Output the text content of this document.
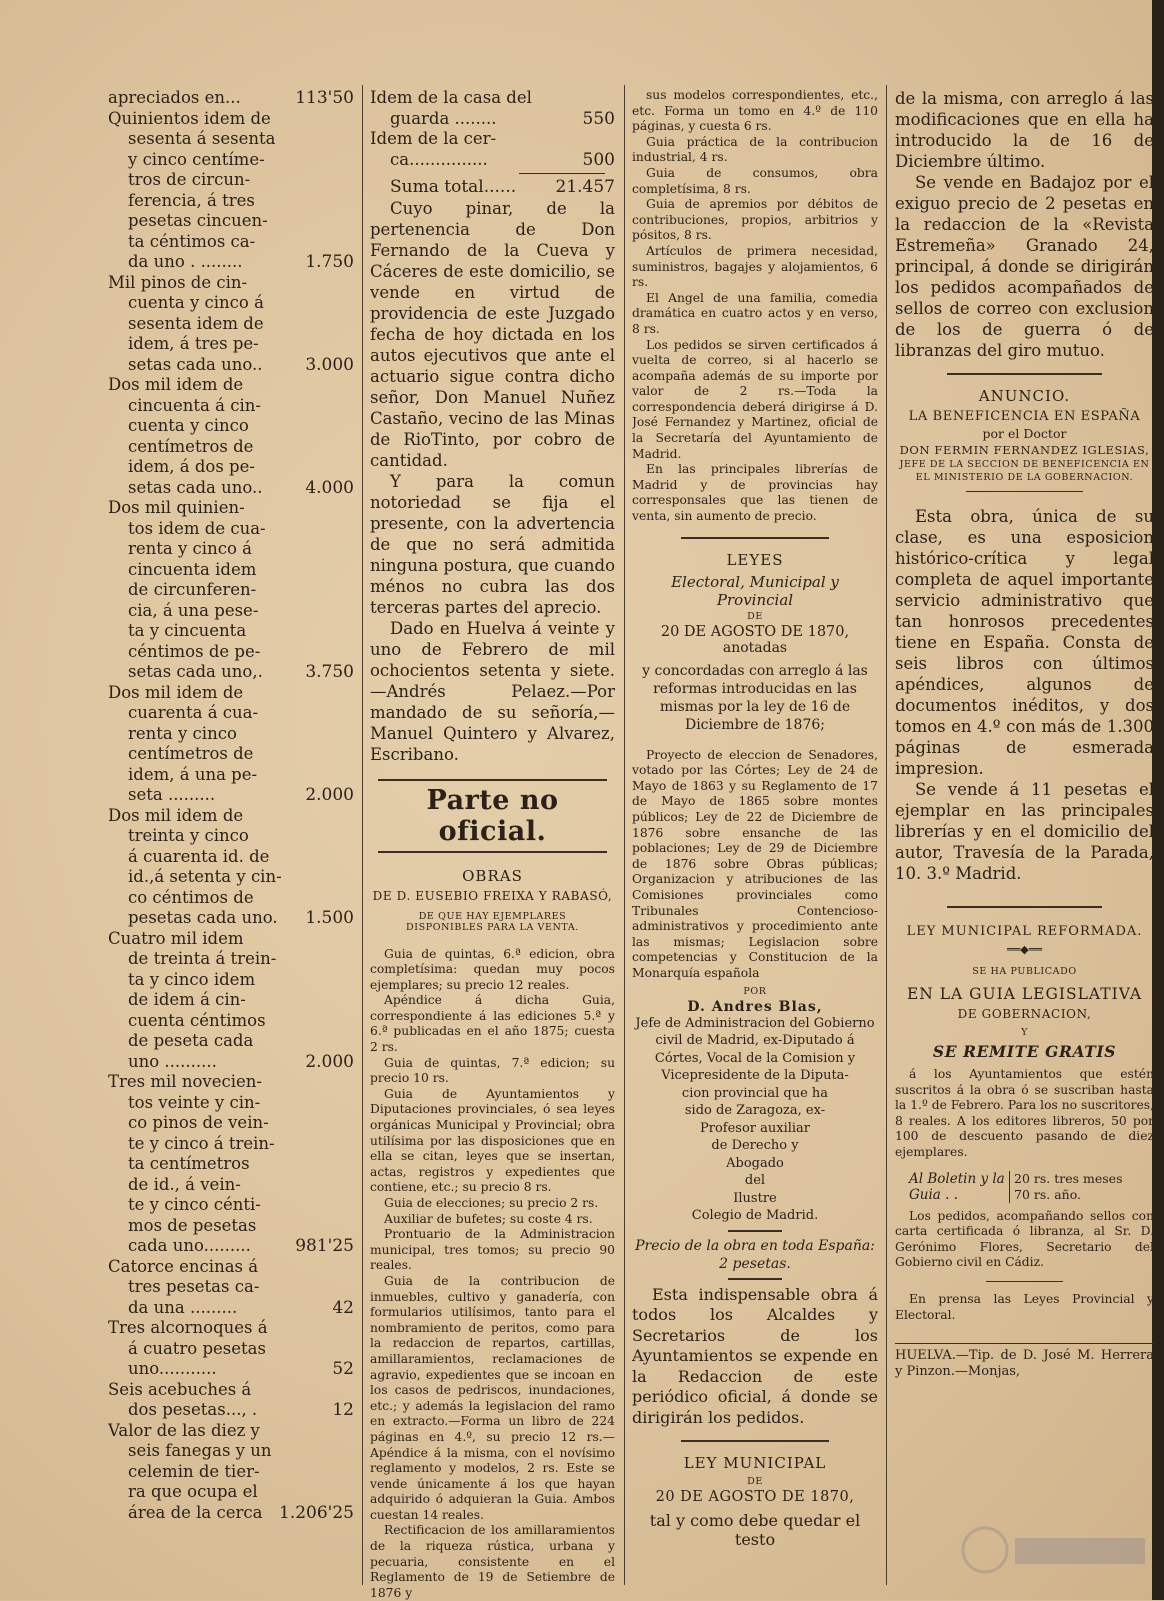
apreciados en...	113'50
Quinientos idem de
sesenta á sesenta
y cinco centíme-
tros de circun-
ferencia, á tres
pesetas cincuen-
ta céntimos ca-
da uno . ........	1.750
Mil pinos de cin-
cuenta y cinco á
sesenta idem de
idem, á tres pe-
setas cada uno..	3.000
Dos mil idem de
cincuenta á cin-
cuenta y cinco
centímetros de
idem, á dos pe-
setas cada uno..	4.000
Dos mil quinien-
tos idem de cua-
renta y cinco á
cincuenta idem
de circunferen-
cia, á una pese-
ta y cincuenta
céntimos de pe-
setas cada uno,.	3.750
Dos mil idem de
cuarenta á cua-
renta y cinco
centímetros de
idem, á una pe-
seta .........	2.000
Dos mil idem de
treinta y cinco
á cuarenta id. de
id.,á setenta y cin-
co céntimos de
pesetas cada uno. 1.500
Cuatro mil idem
de treinta á trein-
ta y cinco idem
de idem á cin-
cuenta céntimos
de peseta cada
uno ..........	2.000
Tres mil novecien-
tos veinte y cin-
co pinos de vein-
te y cinco á trein-
ta centímetros
de id., á vein-
te y cinco cénti-
mos de pesetas
cada uno.........	981'25
Catorce encinas á
tres pesetas ca-
da una .........	42
Tres alcornoques á
á cuatro pesetas
uno...........	52
Seis acebuches á
dos pesetas..., .	12
Valor de las diez y
seis fanegas y un
celemin de tier-
ra que ocupa el
área de la cerca 1.206'25
Idem de la casa del
guarda ........	550
Idem de la cer-
ca...............	500
Suma total...... 21.457

Cuyo pinar, de la pertenencia de Don Fernando de la Cueva y Cáceres de este domicilio, se vende en virtud de providencia de este Juzgado fecha de hoy dictada en los autos ejecutivos que ante el actuario sigue contra dicho señor, Don Manuel Nuñez Castaño, vecino de las Minas de RioTinto, por cobro de cantidad.

Y para la comun notoriedad se fija el presente, con la advertencia de que no será admitida ninguna postura, que cuando ménos no cubra las dos terceras partes del aprecio.

Dado en Huelva á veinte y uno de Febrero de mil ochocientos setenta y siete.—Andrés Pelaez.—Por mandado de su señoría,—Manuel Quintero y Alvarez, Escribano.

Parte no oficial.
OBRAS
DE D. EUSEBIO FREIXA Y RABASÓ,
DE QUE HAY EJEMPLARES DISPONIBLES PARA LA VENTA.

Guia de quintas, 6.ª edicion, obra completísima: quedan muy pocos ejemplares; su precio 12 reales.

Apéndice á dicha Guia, correspondiente á las ediciones 5.ª y 6.ª publicadas en el año 1875; cuesta 2 rs.

Guia de quintas, 7.ª edicion; su precio 10 rs.

Guia de Ayuntamientos y Diputaciones provinciales, ó sea leyes orgánicas Municipal y Provincial; obra utilísima por las disposiciones que en ella se citan, leyes que se insertan, actas, registros y expedientes que contiene, etc.; su precio 8 rs.

Guia de elecciones; su precio 2 rs.

Auxiliar de bufetes; su coste 4 rs.

Prontuario de la Administracion municipal, tres tomos; su precio 90 reales.

Guia de la contribucion de inmuebles, cultivo y ganadería, con formularios utilísimos, tanto para el nombramiento de peritos, como para la redaccion de repartos, cartillas, amillaramientos, reclamaciones de agravio, expedientes que se incoan en los casos de pedriscos, inundaciones, etc.; y además la legislacion del ramo en extracto.—Forma un libro de 224 páginas en 4.º, su precio 12 rs.—Apéndice á la misma, con el novísimo reglamento y modelos, 2 rs. Este se vende únicamente á los que hayan adquirido ó adquieran la Guia. Ambos cuestan 14 reales.

Rectificacion de los amillaramientos de la riqueza rústica, urbana y pecuaria, consistente en el Reglamento de 19 de Setiembre de 1876 y

sus modelos correspondientes, etc., etc. Forma un tomo en 4.º de 110 páginas, y cuesta 6 rs.

Guia práctica de la contribucion industrial, 4 rs.

Guia de consumos, obra completísima, 8 rs.

Guia de apremios por débitos de contribuciones, propios, arbitrios y pósitos, 8 rs.

Artículos de primera necesidad, suministros, bagajes y alojamientos, 6 rs.

El Angel de una familia, comedia dramática en cuatro actos y en verso, 8 rs.

Los pedidos se sirven certificados á vuelta de correo, si al hacerlo se acompaña además de su importe por valor de 2 rs.—Toda la correspondencia deberá dirigirse á D. José Fernandez y Martinez, oficial de la Secretaría del Ayuntamiento de Madrid.

En las principales librerías de Madrid y de provincias hay corresponsales que las tienen de venta, sin aumento de precio.

LEYES
Electoral, Municipal y Provincial
DE
20 DE AGOSTO DE 1870,
anotadas

y concordadas con arreglo á las reformas introducidas en las mismas por la ley de 16 de Diciembre de 1876;

Proyecto de eleccion de Senadores, votado por las Córtes; Ley de 24 de Mayo de 1863 y su Reglamento de 17 de Mayo de 1865 sobre montes públicos; Ley de 22 de Diciembre de 1876 sobre ensanche de las poblaciones; Ley de 29 de Diciembre de 1876 sobre Obras públicas; Organizacion y atribuciones de las Comisiones provinciales como Tribunales Contencioso-administrativos y procedimiento ante las mismas; Legislacion sobre competencias y Constitucion de la Monarquía española

POR
D. Andres Blas,
Jefe de Administracion del Gobierno
civil de Madrid, ex-Diputado á
Córtes, Vocal de la Comision y
Vicepresidente de la Diputa-
cion provincial que ha
sido de Zaragoza, ex-
Profesor auxiliar
de Derecho y
Abogado
del
Ilustre
Colegio de Madrid.
Precio de la obra en toda España:
2 pesetas.

Esta indispensable obra á todos los Alcaldes y Secretarios de los Ayuntamientos se expende en la Redaccion de este periódico oficial, á donde se dirigirán los pedidos.

LEY MUNICIPAL
DE
20 DE AGOSTO DE 1870,
tal y como debe quedar el testo

de la misma, con arreglo á las modificaciones que en ella ha introducido la de 16 de Diciembre último.

Se vende en Badajoz por el exiguo precio de 2 pesetas en la redaccion de la «Revista Estremeña» Granado 24, principal, á donde se dirigirán los pedidos acompañados de sellos de correo con exclusion de los de guerra ó de libranzas del giro mutuo.

ANUNCIO.
LA BENEFICENCIA EN ESPAÑA
por el Doctor
DON FERMIN FERNANDEZ IGLESIAS,
JEFE DE LA SECCION DE BENEFICENCIA EN
EL MINISTERIO DE LA GOBERNACION.

Esta obra, única de su clase, es una esposicion histórico-crítica y legal completa de aquel importante servicio administrativo que tan honrosos precedentes tiene en España. Consta de seis libros con últimos apéndices, algunos de documentos inéditos, y dos tomos en 4.º con más de 1.300 páginas de esmerada impresion.

Se vende á 11 pesetas el ejemplar en las principales librerías y en el domicilio del autor, Travesía de la Parada, 10. 3.º Madrid.

LEY MUNICIPAL REFORMADA.
══◆══
SE HA PUBLICADO
EN LA GUIA LEGISLATIVA
DE GOBERNACION,
Y
SE REMITE GRATIS

á los Ayuntamientos que estén suscritos á la obra ó se suscriban hasta la 1.º de Febrero. Para los no suscritores, 8 reales. A los editores libreros, 50 por 100 de descuento pasando de diez ejemplares.

Al Boletin y la Guia . .
20 rs. tres meses
70 rs. año.

Los pedidos, acompañando sellos con carta certificada ó libranza, al Sr. D. Gerónimo Flores, Secretario del Gobierno civil en Cádiz.

En prensa las Leyes Provincial y Electoral.

HUELVA.—Tip. de D. José M. Herrera y Pinzon.—Monjas,
